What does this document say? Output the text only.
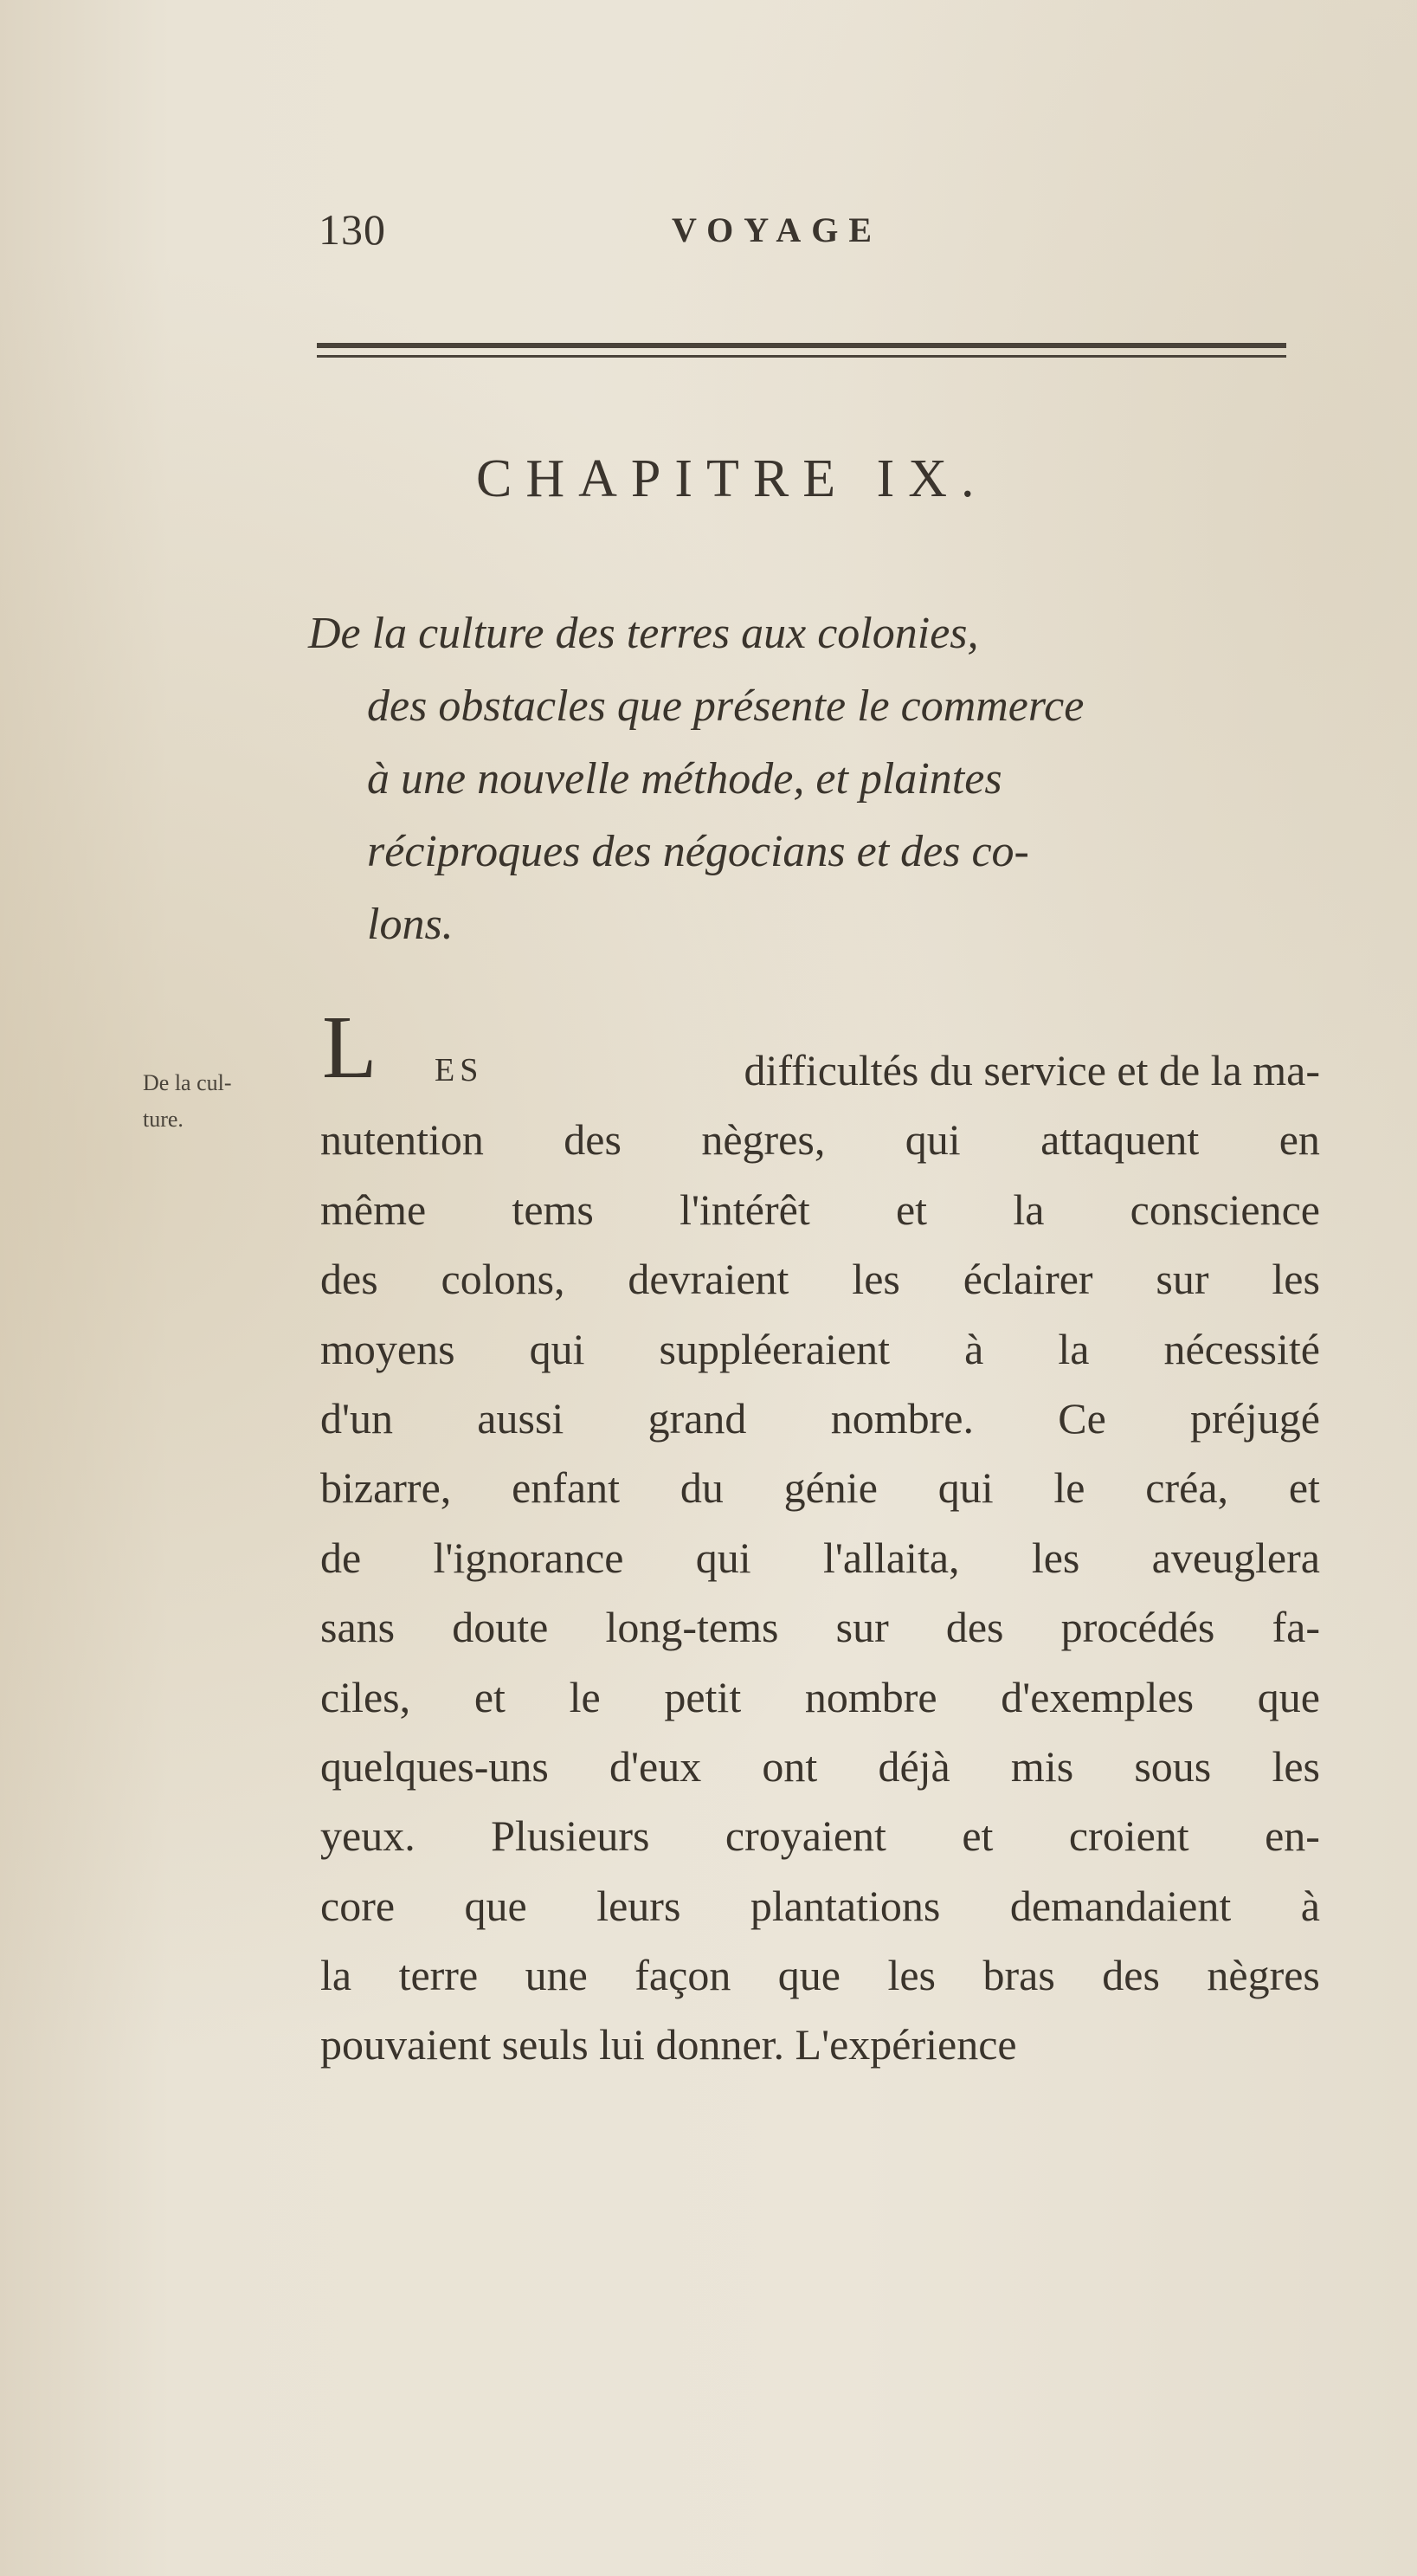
130	VOYAGE
CHAPITRE IX.
De la culture des terres aux colonies,
des obstacles que présente le commerce
à une nouvelle méthode, et plaintes
réciproques des négocians et des co-
lons.
De la cul-
ture.
L ES	difficultés du service et de la ma-
nutention des nègres, qui attaquent en
même tems l'intérêt et la conscience
des colons, devraient les éclairer sur les
moyens qui suppléeraient à la nécessité
d'un aussi grand nombre. Ce préjugé
bizarre, enfant du génie qui le créa, et
de l'ignorance qui l'allaita, les aveuglera
sans doute long-tems sur des procédés fa-
ciles, et le petit nombre d'exemples que
quelques-uns d'eux ont déjà mis sous les
yeux. Plusieurs croyaient et croient en-
core que leurs plantations demandaient à
la terre une façon que les bras des nègres
pouvaient seuls lui donner. L'expérience
